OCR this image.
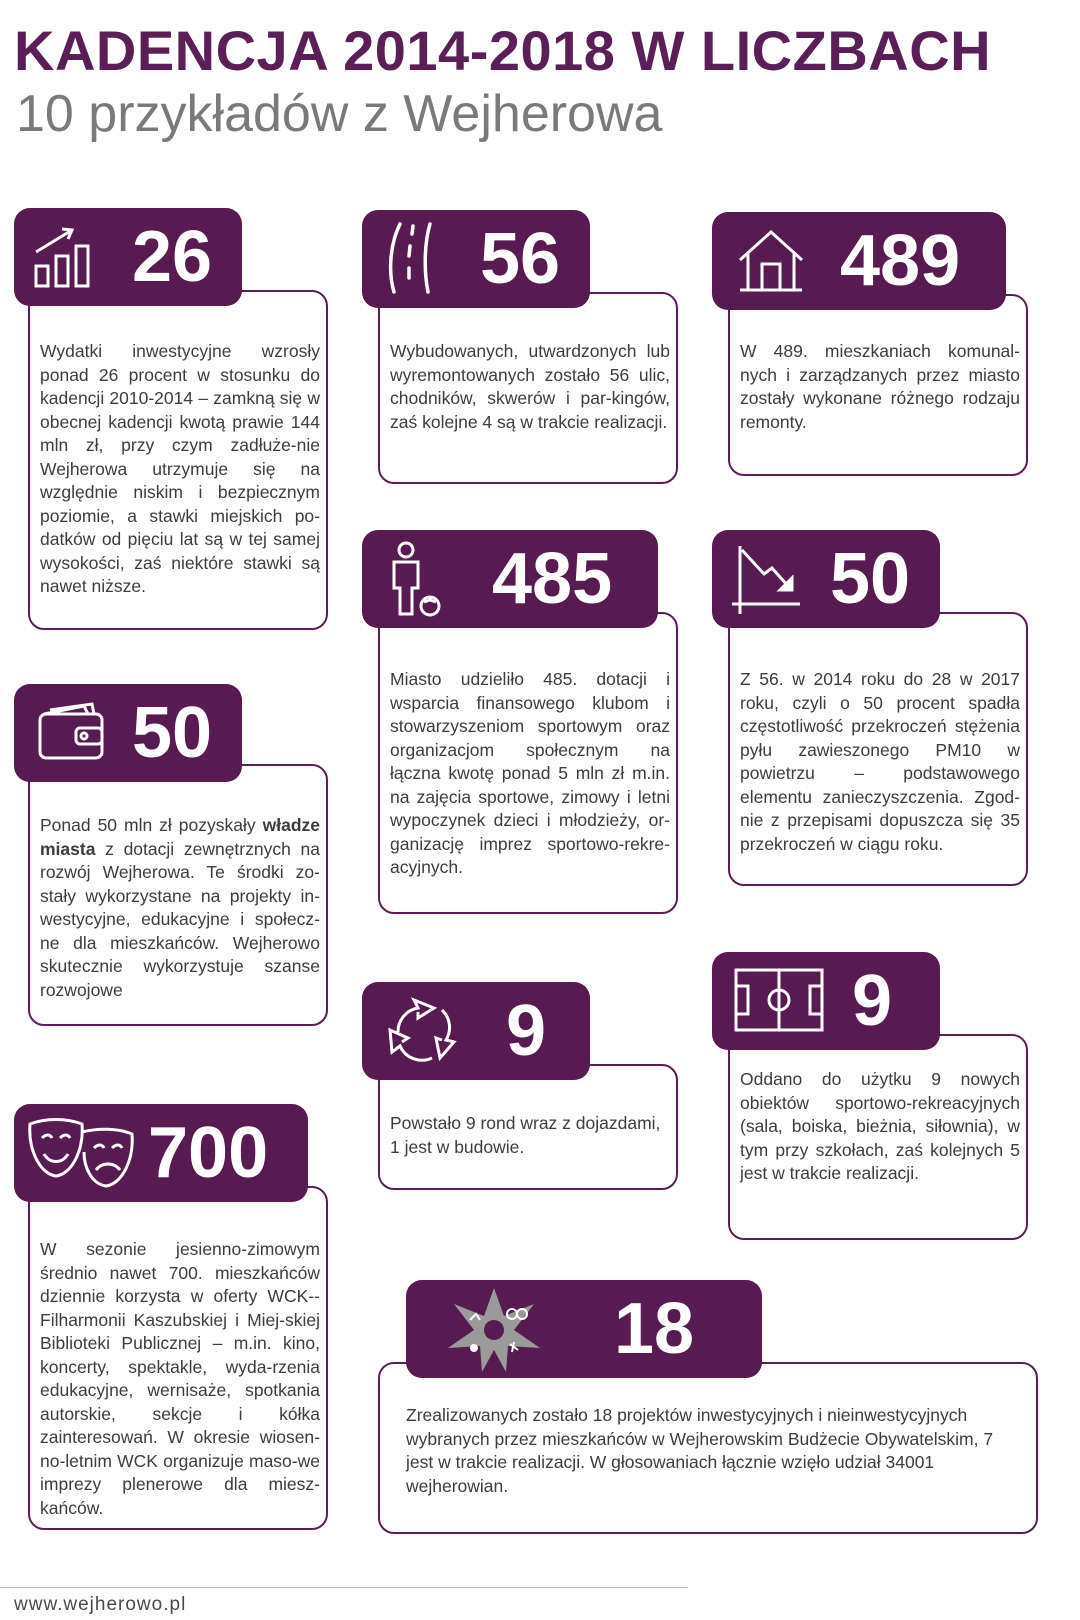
KADENCJA 2014-2018 W LICZBACH
10 przykładów z Wejherowa
Wydatki inwestycyjne wzrosły ponad 26 procent w stosunku do kadencji 2010-2014 – zamkną się w obecnej kadencji kwotą prawie 144 mln zł, przy czym zadłuże-nie Wejherowa utrzymuje się na względnie niskim i bezpiecznym poziomie, a stawki miejskich po-datków od pięciu lat są w tej samej wysokości, zaś niektóre stawki są nawet niższe.
26
Wybudowanych, utwardzonych lub wyremontowanych zostało 56 ulic, chodników, skwerów i par-kingów, zaś kolejne 4 są w trakcie realizacji.
56
W 489. mieszkaniach komunal-nych i zarządzanych przez miasto zostały wykonane różnego rodzaju remonty.
489
Miasto udzieliło 485. dotacji i wsparcia finansowego klubom i stowarzyszeniom sportowym oraz organizacjom społecznym na łączna kwotę ponad 5 mln zł m.in. na zajęcia sportowe, zimowy i letni wypoczynek dzieci i młodzieży, or-ganizację imprez sportowo-rekre-acyjnych.
485
Z 56. w 2014 roku do 28 w 2017 roku, czyli o 50 procent spadła częstotliwość przekroczeń stężenia pyłu zawieszonego PM10 w powietrzu – podstawowego elementu zanieczyszczenia. Zgod-nie z przepisami dopuszcza się 35 przekroczeń w ciągu roku.
50
Ponad 50 mln zł pozyskały władze miasta z dotacji zewnętrznych na rozwój Wejherowa. Te środki zo-stały wykorzystane na projekty in-westycyjne, edukacyjne i społecz-ne dla mieszkańców. Wejherowo skutecznie wykorzystuje szanse rozwojowe
50
Powstało 9 rond wraz z dojazdami, 1 jest w budowie.
9
Oddano do użytku 9 nowych obiektów sportowo-rekreacyjnych (sala, boiska, bieżnia, siłownia), w tym przy szkołach, zaś kolejnych 5 jest w trakcie realizacji.
9
W sezonie jesienno-zimowym średnio nawet 700. mieszkańców dziennie korzysta w oferty WCK--Filharmonii Kaszubskiej i Miej-skiej Biblioteki Publicznej – m.in. kino, koncerty, spektakle, wyda-rzenia edukacyjne, wernisaże, spotkania autorskie, sekcje i kółka zainteresowań. W okresie wiosen-no-letnim WCK organizuje maso-we imprezy plenerowe dla miesz-kańców.
700
Zrealizowanych zostało 18 projektów inwestycyjnych i nieinwestycyjnych wybranych przez mieszkańców w Wejherowskim Budżecie Obywatelskim, 7 jest w trakcie realizacji. W głosowaniach łącznie wzięło udział 34001 wejherowian.
18
www.wejherowo.pl
